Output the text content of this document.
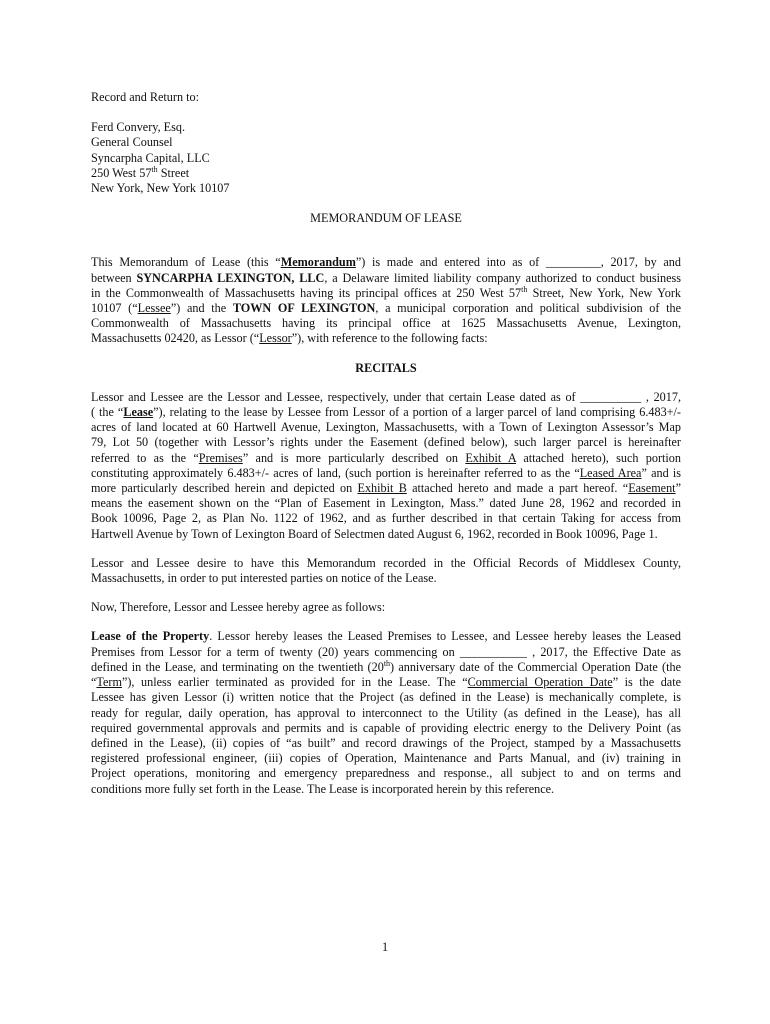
Record and Return to:
Ferd Convery, Esq.
General Counsel
Syncarpha Capital, LLC
250 West 57th Street
New York, New York 10107
MEMORANDUM OF LEASE

This Memorandum of Lease (this “Memorandum”) is made and entered into as of _________, 2017, by and
between SYNCARPHA LEXINGTON, LLC, a Delaware limited liability company authorized to conduct business
in the Commonwealth of Massachusetts having its principal offices at 250 West 57th Street, New York, New York
10107 (“Lessee”) and the TOWN OF LEXINGTON, a municipal corporation and political subdivision of the
Commonwealth of Massachusetts having its principal office at 1625 Massachusetts Avenue, Lexington,
Massachusetts 02420, as Lessor (“Lessor”), with reference to the following facts:

RECITALS

Lessor and Lessee are the Lessor and Lessee, respectively, under that certain Lease dated as of __________ , 2017,
( the “Lease”), relating to the lease by Lessee from Lessor of a portion of a larger parcel of land comprising 6.483+/-
acres of land located at 60 Hartwell Avenue, Lexington, Massachusetts, with a Town of Lexington Assessor’s Map
79, Lot 50 (together with Lessor’s rights under the Easement (defined below), such larger parcel is hereinafter
referred to as the “Premises” and is more particularly described on Exhibit A attached hereto), such portion
constituting approximately 6.483+/- acres of land, (such portion is hereinafter referred to as the “Leased Area” and is
more particularly described herein and depicted on Exhibit B attached hereto and made a part hereof. “Easement”
means the easement shown on the “Plan of Easement in Lexington, Mass.” dated June 28, 1962 and recorded in
Book 10096, Page 2, as Plan No. 1122 of 1962, and as further described in that certain Taking for access from
Hartwell Avenue by Town of Lexington Board of Selectmen dated August 6, 1962, recorded in Book 10096, Page 1.

Lessor and Lessee desire to have this Memorandum recorded in the Official Records of Middlesex County,
Massachusetts, in order to put interested parties on notice of the Lease.

Now, Therefore, Lessor and Lessee hereby agree as follows:

Lease of the Property. Lessor hereby leases the Leased Premises to Lessee, and Lessee hereby leases the Leased
Premises from Lessor for a term of twenty (20) years commencing on ___________ , 2017, the Effective Date as
defined in the Lease, and terminating on the twentieth (20th) anniversary date of the Commercial Operation Date (the
“Term”), unless earlier terminated as provided for in the Lease. The “Commercial Operation Date” is the date
Lessee has given Lessor (i) written notice that the Project (as defined in the Lease) is mechanically complete, is
ready for regular, daily operation, has approval to interconnect to the Utility (as defined in the Lease), has all
required governmental approvals and permits and is capable of providing electric energy to the Delivery Point (as
defined in the Lease), (ii) copies of “as built” and record drawings of the Project, stamped by a Massachusetts
registered professional engineer, (iii) copies of Operation, Maintenance and Parts Manual, and (iv) training in
Project operations, monitoring and emergency preparedness and response., all subject to and on terms and
conditions more fully set forth in the Lease. The Lease is incorporated herein by this reference.

1
